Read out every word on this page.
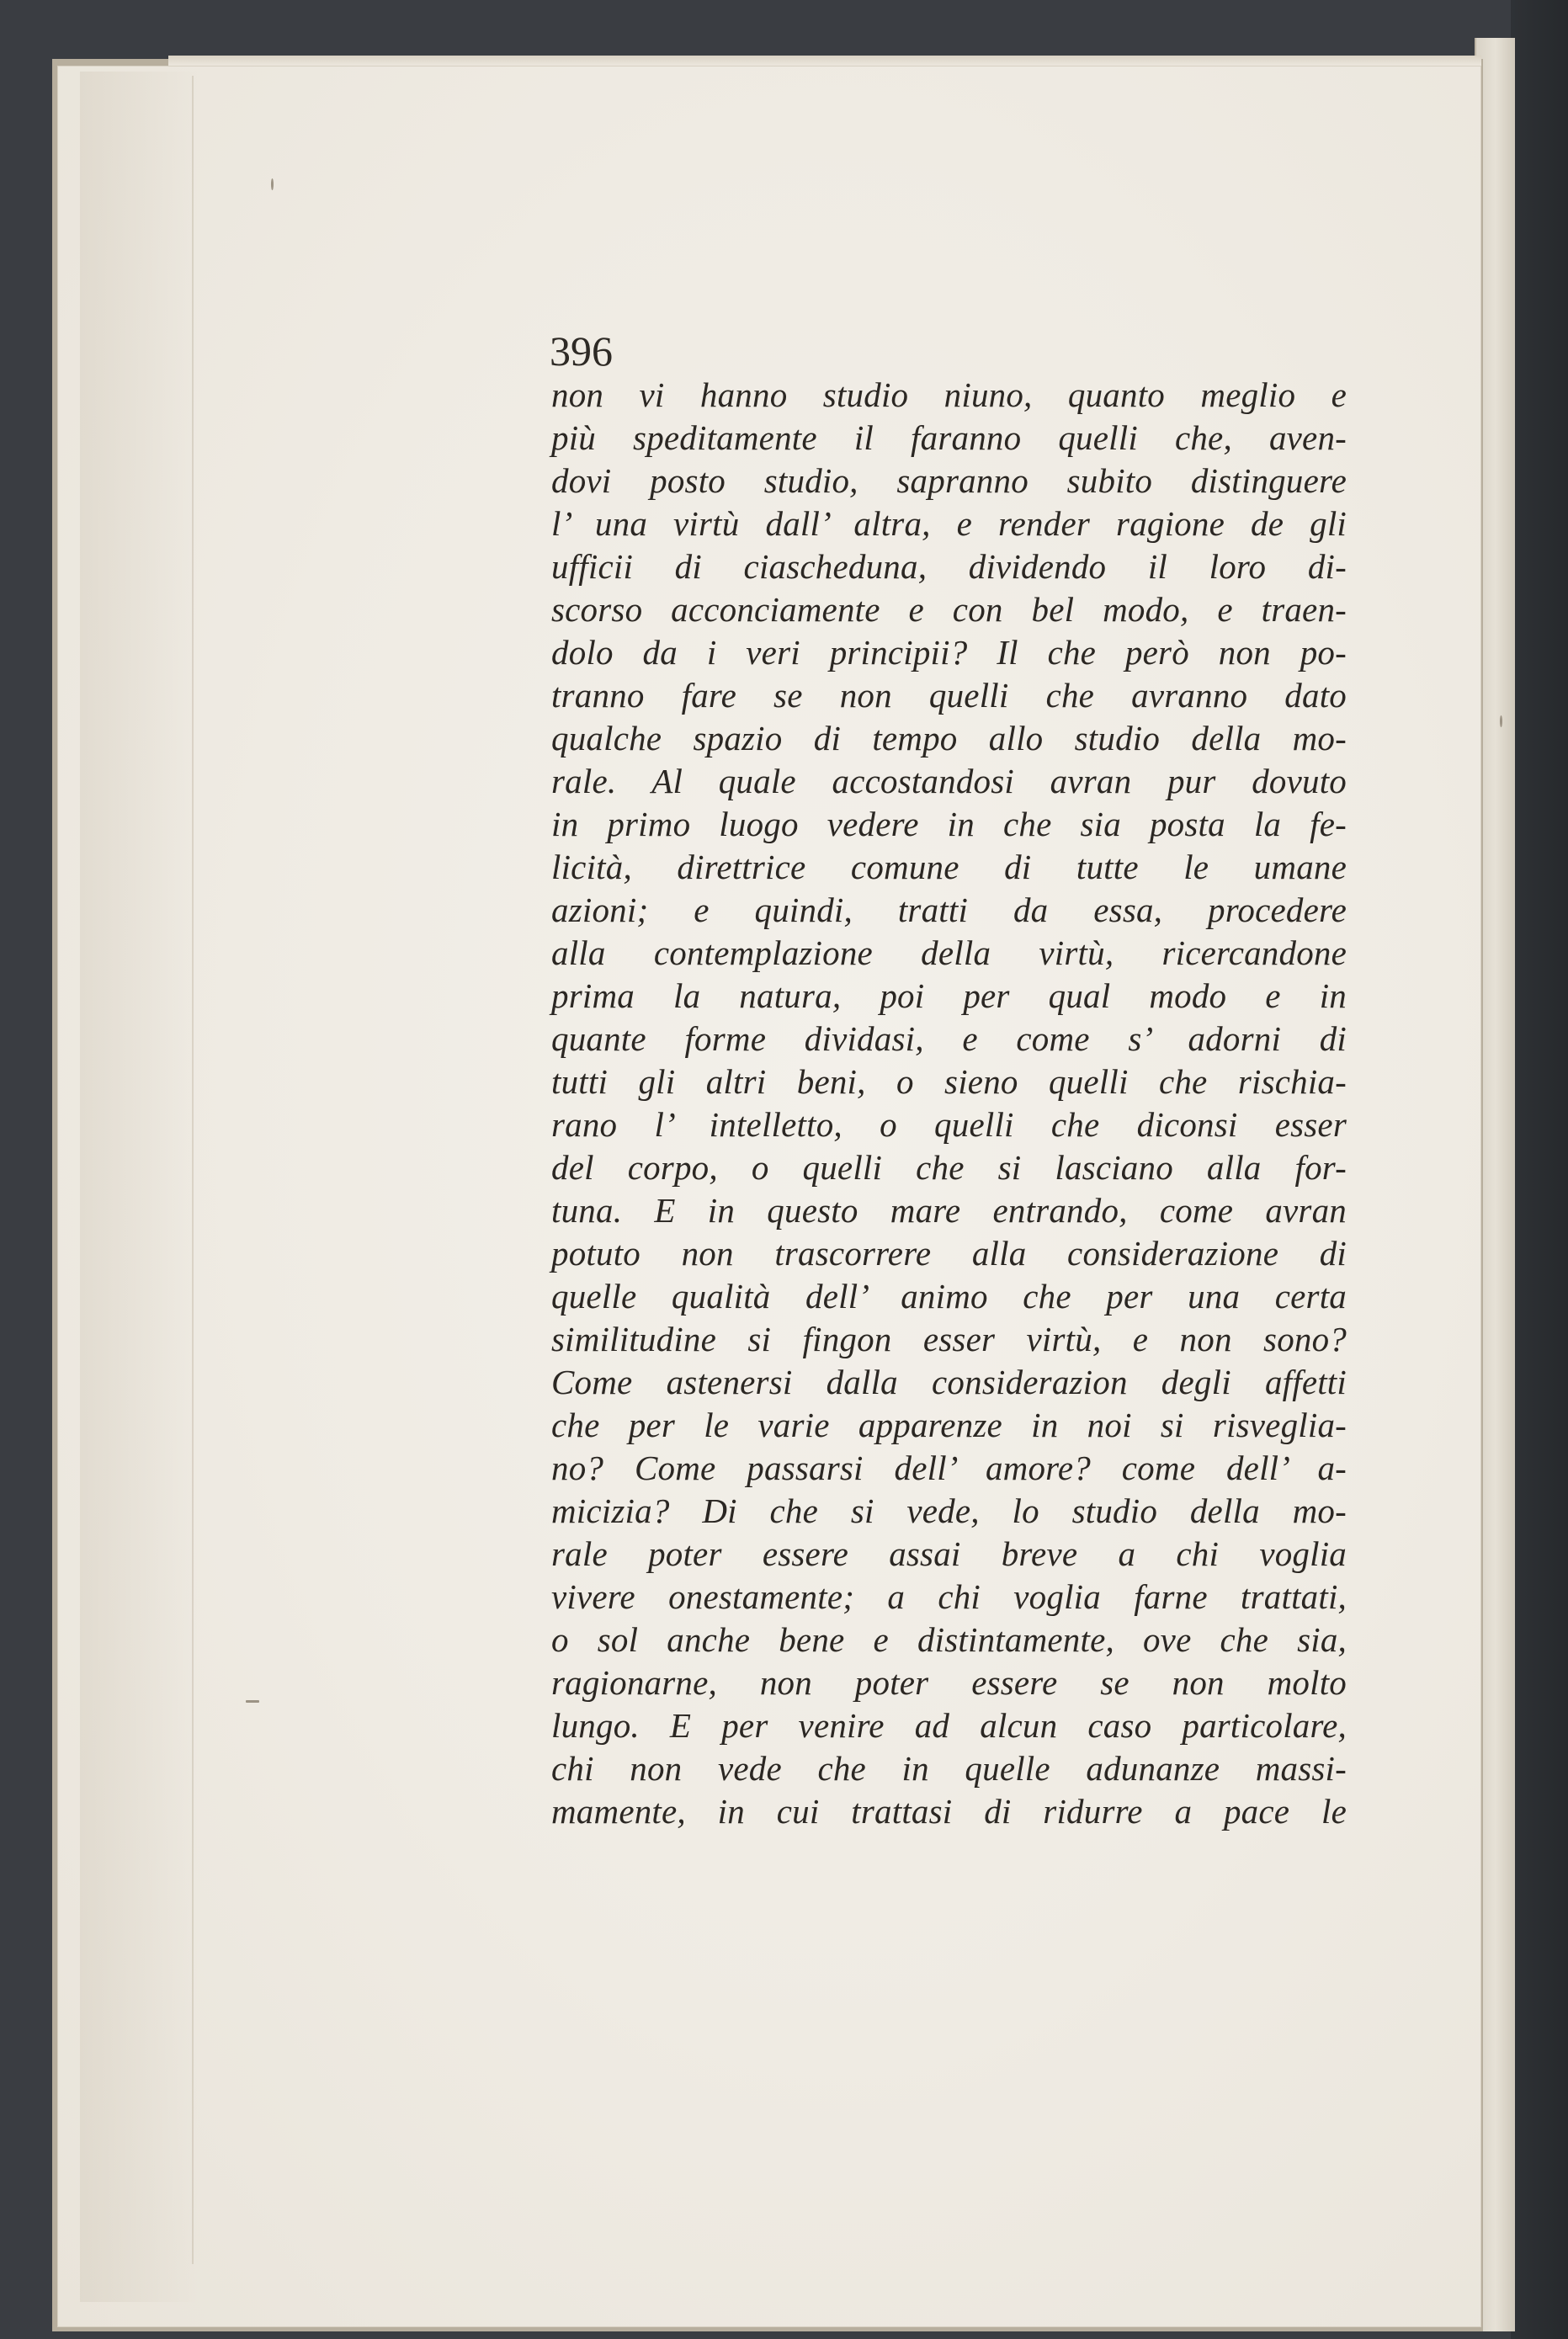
396
non vi hanno studio niuno, quanto meglio e
più speditamente il faranno quelli che, aven-
dovi posto studio, sapranno subito distinguere
l’ una virtù dall’ altra, e render ragione de gli
ufficii di ciascheduna, dividendo il loro di-
scorso acconciamente e con bel modo, e traen-
dolo da i veri principii? Il che però non po-
tranno fare se non quelli che avranno dato
qualche spazio di tempo allo studio della mo-
rale. Al quale accostandosi avran pur dovuto
in primo luogo vedere in che sia posta la fe-
licità, direttrice comune di tutte le umane
azioni; e quindi, tratti da essa, procedere
alla contemplazione della virtù, ricercandone
prima la natura, poi per qual modo e in
quante forme dividasi, e come s’ adorni di
tutti gli altri beni, o sieno quelli che rischia-
rano l’ intelletto, o quelli che diconsi esser
del corpo, o quelli che si lasciano alla for-
tuna. E in questo mare entrando, come avran
potuto non trascorrere alla considerazione di
quelle qualità dell’ animo che per una certa
similitudine si fingon esser virtù, e non sono?
Come astenersi dalla considerazion degli affetti
che per le varie apparenze in noi si risveglia-
no? Come passarsi dell’ amore? come dell’ a-
micizia? Di che si vede, lo studio della mo-
rale poter essere assai breve a chi voglia
vivere onestamente; a chi voglia farne trattati,
o sol anche bene e distintamente, ove che sia,
ragionarne, non poter essere se non molto
lungo. E per venire ad alcun caso particolare,
chi non vede che in quelle adunanze massi-
mamente, in cui trattasi di ridurre a pace le
